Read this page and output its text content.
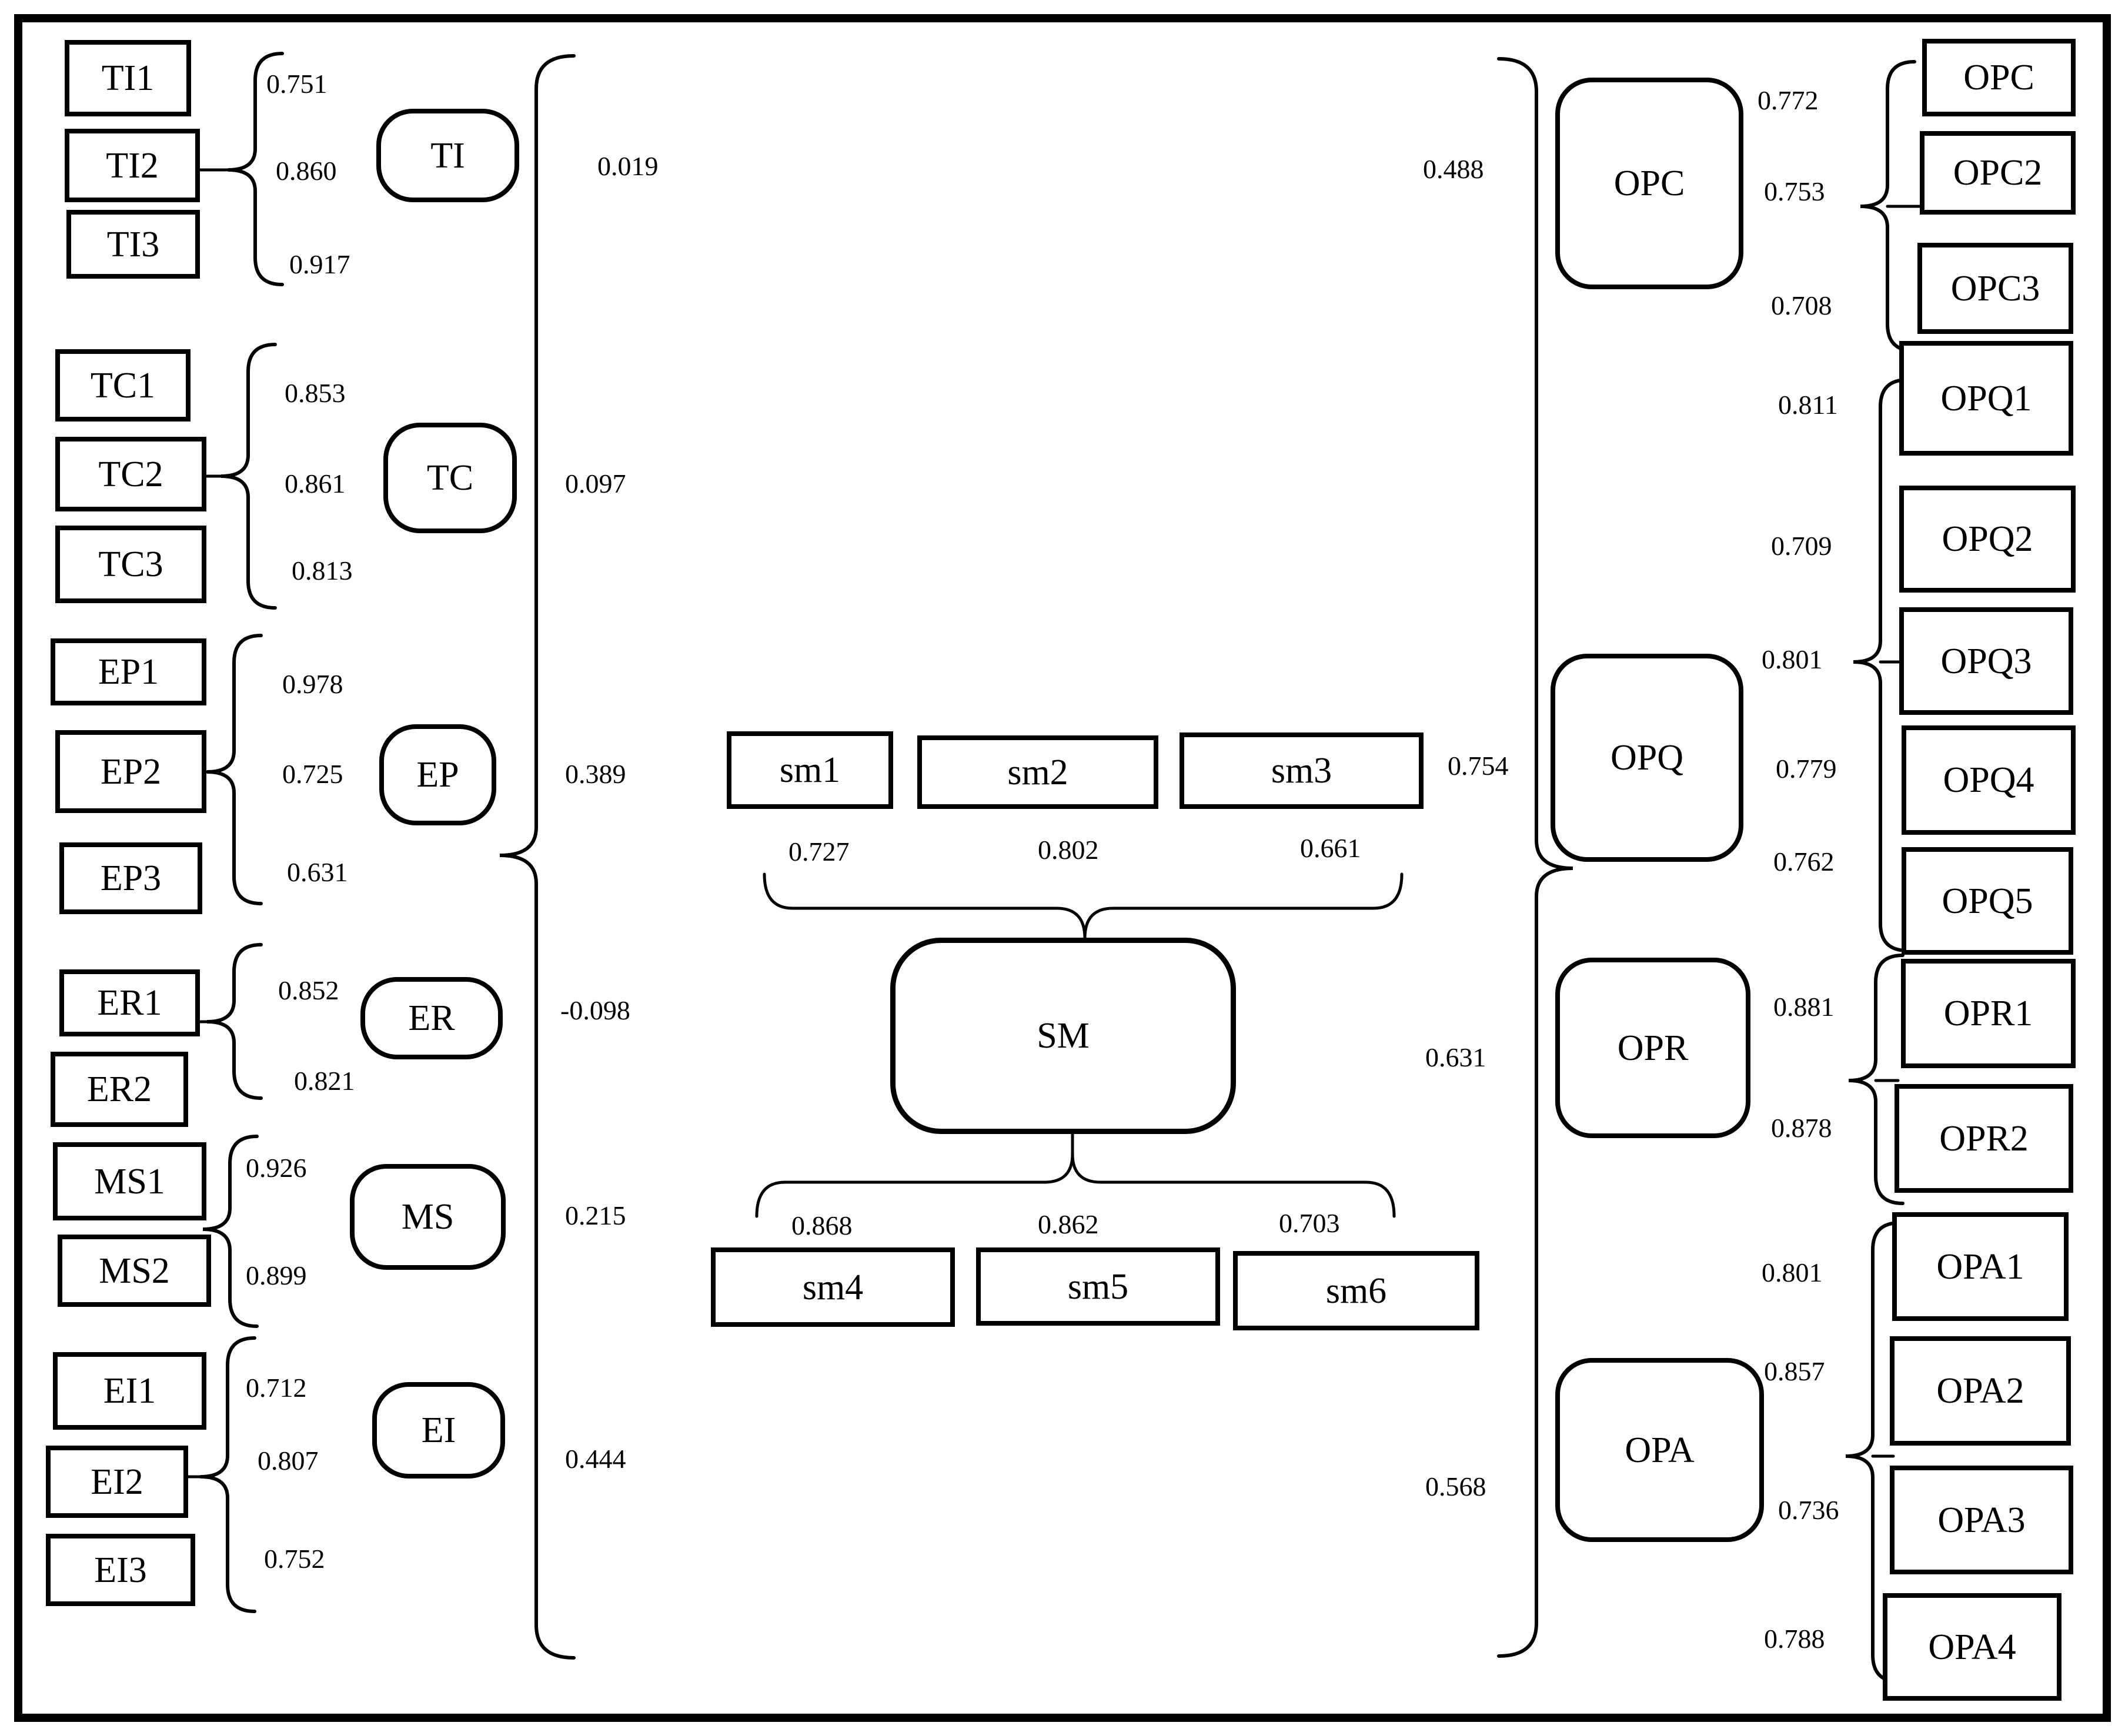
TI1
TI2
TI3
TC1
TC2
TC3
EP1
EP2
EP3
ER1
ER2
MS1
MS2
EI1
EI2
EI3
0.751
0.860
0.917
0.853
0.861
0.813
0.978
0.725
0.631
0.852
0.821
0.926
0.899
0.712
0.807
0.752
TI
TC
EP
ER
MS
EI
0.019
0.097
0.389
-0.098
0.215
0.444
sm1	sm2	sm3
0.727	0.802	0.661
SM
0.868	0.862	0.703
sm4	sm5	sm6
0.488
0.754
0.631
0.568
OPC
OPQ
OPR
OPA
0.772
0.753
0.708
0.811
0.709
0.801
0.779
0.762
0.881
0.878
0.801
0.857
0.736
0.788
OPC
OPC2
OPC3
OPQ1
OPQ2
OPQ3
OPQ4
OPQ5
OPR1
OPR2
OPA1
OPA2
OPA3
OPA4
